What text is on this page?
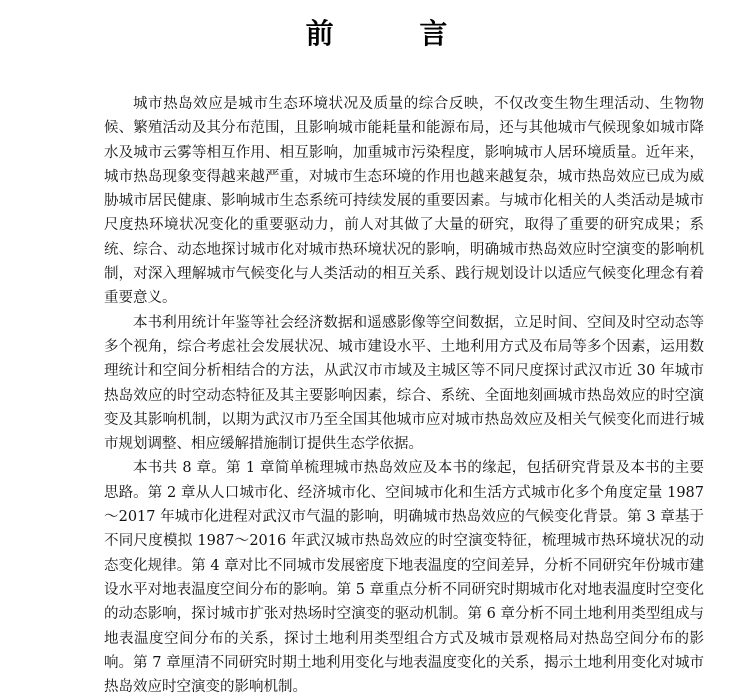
前 言

城市热岛效应是城市生态环境状况及质量的综合反映，不仅改变生物生理活动、生物物候、繁殖活动及其分布范围，且影响城市能耗量和能源布局，还与其他城市气候现象如城市降水及城市云雾等相互作用、相互影响，加重城市污染程度，影响城市人居环境质量。近年来，城市热岛现象变得越来越严重，对城市生态环境的作用也越来越复杂，城市热岛效应已成为威胁城市居民健康、影响城市生态系统可持续发展的重要因素。与城市化相关的人类活动是城市尺度热环境状况变化的重要驱动力，前人对其做了大量的研究，取得了重要的研究成果；系统、综合、动态地探讨城市化对城市热环境状况的影响，明确城市热岛效应时空演变的影响机制，对深入理解城市气候变化与人类活动的相互关系、践行规划设计以适应气候变化理念有着重要意义。

本书利用统计年鉴等社会经济数据和遥感影像等空间数据，立足时间、空间及时空动态等多个视角，综合考虑社会发展状况、城市建设水平、土地利用方式及布局等多个因素，运用数理统计和空间分析相结合的方法，从武汉市市域及主城区等不同尺度探讨武汉市近 30 年城市热岛效应的时空动态特征及其主要影响因素，综合、系统、全面地刻画城市热岛效应的时空演变及其影响机制，以期为武汉市乃至全国其他城市应对城市热岛效应及相关气候变化而进行城市规划调整、相应缓解措施制订提供生态学依据。

本书共 8 章。第 1 章简单梳理城市热岛效应及本书的缘起，包括研究背景及本书的主要思路。第 2 章从人口城市化、经济城市化、空间城市化和生活方式城市化多个角度定量 1987～2017 年城市化进程对武汉市气温的影响，明确城市热岛效应的气候变化背景。第 3 章基于不同尺度模拟 1987～2016 年武汉城市热岛效应的时空演变特征，梳理城市热环境状况的动态变化规律。第 4 章对比不同城市发展密度下地表温度的空间差异，分析不同研究年份城市建设水平对地表温度空间分布的影响。第 5 章重点分析不同研究时期城市化对地表温度时空变化的动态影响，探讨城市扩张对热场时空演变的驱动机制。第 6 章分析不同土地利用类型组成与地表温度空间分布的关系，探讨土地利用类型组合方式及城市景观格局对热岛空间分布的影响。第 7 章厘清不同研究时期土地利用变化与地表温度变化的关系，揭示土地利用变化对城市热岛效应时空演变的影响机制。
